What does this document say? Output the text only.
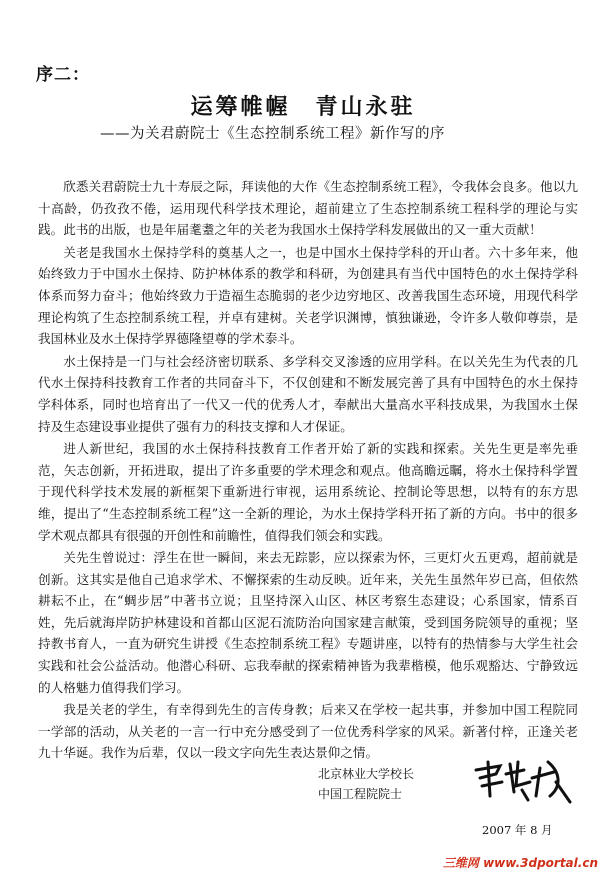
序二：
运筹帷幄　青山永驻
——为关君蔚院士《生态控制系统工程》新作写的序

欣悉关君蔚院士九十寿辰之际，拜读他的大作《生态控制系统工程》，令我体会良多。他以九十高龄，仍孜孜不倦，运用现代科学技术理论，超前建立了生态控制系统工程科学的理论与实践。此书的出版，也是年届耄耋之年的关老为我国水土保持学科发展做出的又一重大贡献！

关老是我国水土保持学科的奠基人之一，也是中国水土保持学科的开山者。六十多年来，他始终致力于中国水土保持、防护林体系的教学和科研，为创建具有当代中国特色的水土保持学科体系而努力奋斗；他始终致力于造福生态脆弱的老少边穷地区、改善我国生态环境，用现代科学理论构筑了生态控制系统工程，并卓有建树。关老学识渊博，慎独谦逊，令许多人敬仰尊崇，是我国林业及水土保持学界德隆望尊的学术泰斗。

水土保持是一门与社会经济密切联系、多学科交叉渗透的应用学科。在以关先生为代表的几代水土保持科技教育工作者的共同奋斗下，不仅创建和不断发展完善了具有中国特色的水土保持学科体系，同时也培育出了一代又一代的优秀人才，奉献出大量高水平科技成果，为我国水土保持及生态建设事业提供了强有力的科技支撑和人才保证。

进人新世纪，我国的水土保持科技教育工作者开始了新的实践和探索。关先生更是率先垂范，矢志创新，开拓进取，提出了许多重要的学术理念和观点。他高瞻远瞩，将水土保持科学置于现代科学技术发展的新框架下重新进行审视，运用系统论、控制论等思想，以特有的东方思维，提出了“生态控制系统工程”这一全新的理论，为水土保持学科开拓了新的方向。书中的很多学术观点都具有很强的开创性和前瞻性，值得我们领会和实践。

关先生曾说过：浮生在世一瞬间，来去无踪影，应以探索为怀，三更灯火五更鸡，超前就是创新。这其实是他自己追求学术、不懈探索的生动反映。近年来，关先生虽然年岁已高，但依然耕耘不止，在“蜩步居”中著书立说；且坚持深入山区、林区考察生态建设；心系国家，情系百姓，先后就海岸防护林建设和首都山区泥石流防治向国家建言献策，受到国务院领导的重视；坚持教书育人，一直为研究生讲授《生态控制系统工程》专题讲座，以特有的热情参与大学生社会实践和社会公益活动。他潜心科研、忘我奉献的探索精神皆为我辈楷模，他乐观豁达、宁静致远的人格魅力值得我们学习。

我是关老的学生，有幸得到先生的言传身教；后来又在学校一起共事，并参加中国工程院同一学部的活动，从关老的一言一行中充分感受到了一位优秀科学家的风采。新著付梓，正逢关老九十华诞。我作为后辈，仅以一段文字向先生表达景仰之情。

北京林业大学校长
中国工程院院士
2007 年 8 月
三维网 www.3dportal.cn
